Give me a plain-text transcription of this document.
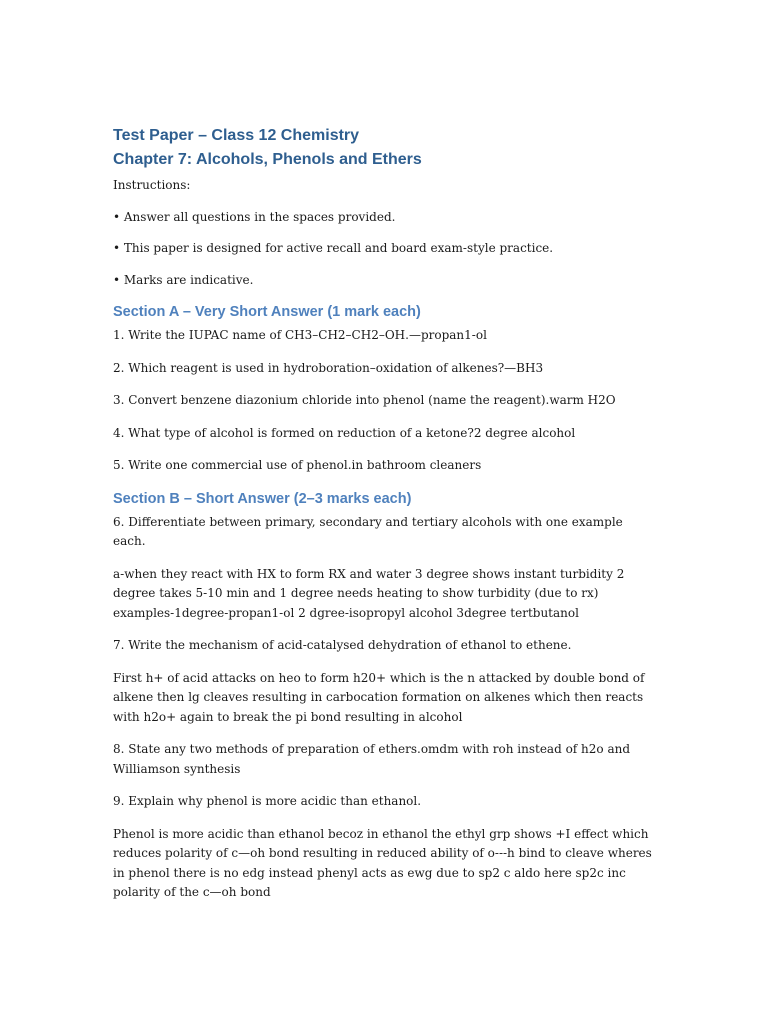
Test Paper – Class 12 Chemistry
Chapter 7: Alcohols, Phenols and Ethers

Instructions:

• Answer all questions in the spaces provided.

• This paper is designed for active recall and board exam-style practice.

• Marks are indicative.

Section A – Very Short Answer (1 mark each)

1. Write the IUPAC name of CH3–CH2–CH2–OH.—propan1-ol

2. Which reagent is used in hydroboration–oxidation of alkenes?—BH3

3. Convert benzene diazonium chloride into phenol (name the reagent).warm H2O

4. What type of alcohol is formed on reduction of a ketone?2 degree alcohol

5. Write one commercial use of phenol.in bathroom cleaners

Section B – Short Answer (2–3 marks each)

6. Differentiate between primary, secondary and tertiary alcohols with one example each.

a-when they react with HX to form RX and water 3 degree shows instant turbidity 2 degree takes 5-10 min and 1 degree needs heating to show turbidity (due to rx) examples-1degree-propan1-ol 2 dgree-isopropyl alcohol 3degree tertbutanol

7. Write the mechanism of acid-catalysed dehydration of ethanol to ethene.

First h+ of acid attacks on heo to form h20+ which is the n attacked by double bond of alkene then lg cleaves resulting in carbocation formation on alkenes which then reacts with h2o+ again to break the pi bond resulting in alcohol

8. State any two methods of preparation of ethers.omdm with roh instead of h2o and Williamson synthesis

9. Explain why phenol is more acidic than ethanol.

Phenol is more acidic than ethanol becoz in ethanol the ethyl grp shows +I effect which reduces polarity of c—oh bond resulting in reduced ability of o---h bind to cleave wheres in phenol there is no edg instead phenyl acts as ewg due to sp2 c aldo here sp2c inc polarity of the c—oh bond
